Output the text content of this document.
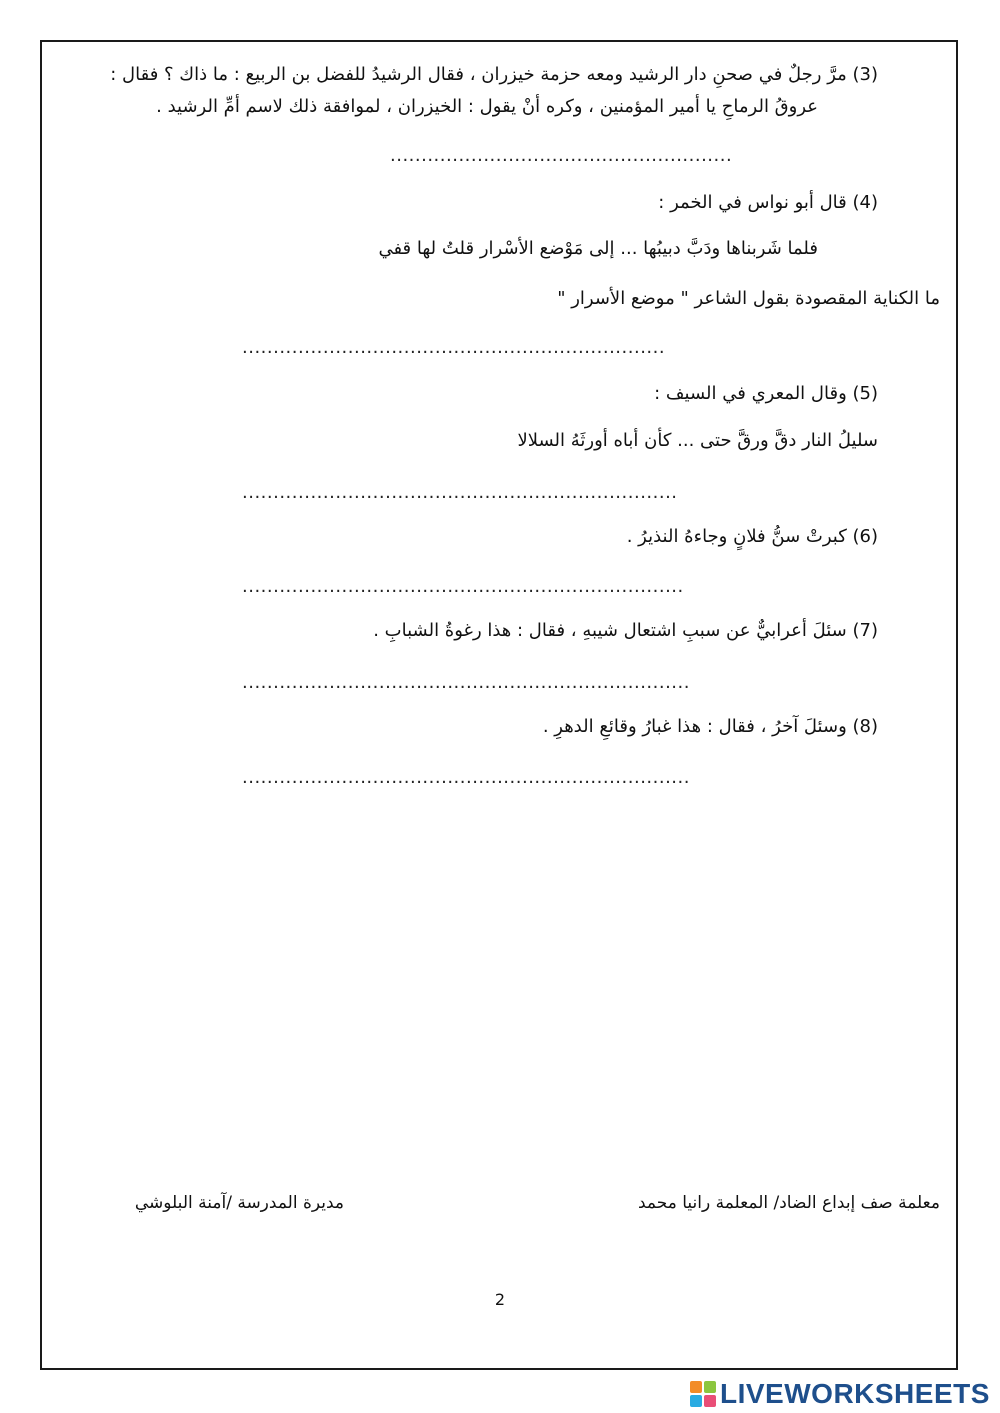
(3) مرَّ رجلٌ في صحنِ دار الرشيد ومعه حزمة خيزران ، فقال الرشيدُ للفضل بن الربيع : ما ذاك ؟ فقال :
عروقُ الرماحِ يا أمير المؤمنين ، وكره أنْ يقول : الخيزران ، لموافقة ذلك لاسم أمِّ الرشيد .
.......................................................
(4) قال أبو نواس في الخمر :
فلما شَربناها ودَبَّ دبيبُها ... إلى مَوْضع الأسْرار قلتُ لها قفي
ما الكناية المقصودة بقول الشاعر " موضع الأسرار "
....................................................................
(5) وقال المعري في السيف :
سليلُ النار دقَّ ورقَّ حتى ... كأن أباه أورثَهُ السلالا
......................................................................
(6) كبرتْ سنُّ فلانٍ وجاءهُ النذيرُ .
.......................................................................
(7) سئلَ أعرابيٌّ عن سببِ اشتعال شيبهِ ، فقال : هذا رغوةُ الشبابِ .
........................................................................
(8) وسئلَ آخرُ ، فقال : هذا غبارُ وقائعِ الدهرِ .
........................................................................
معلمة صف إبداع الضاد/ المعلمة رانيا محمد
مديرة المدرسة /آمنة البلوشي
2
LIVEWORKSHEETS
